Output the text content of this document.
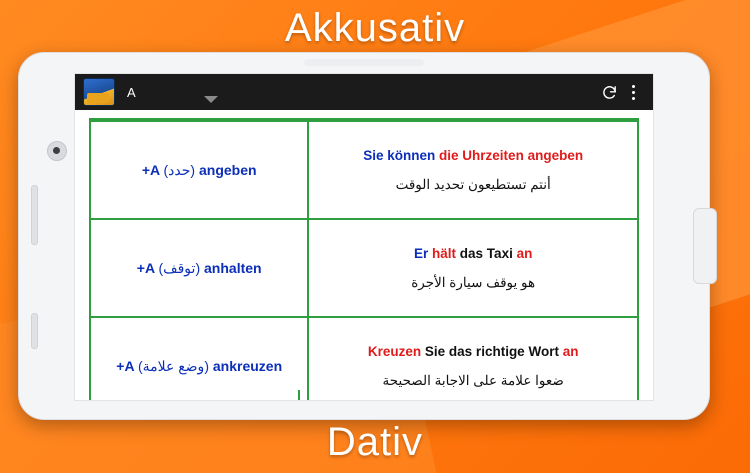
Akkusativ
A
+A (حدد) angeben
Sie können die Uhrzeiten angeben
أنتم تستطيعون تحديد الوقت
+A (توقف) anhalten
Er hält das Taxi an
هو يوقف سيارة الأجرة
+A (وضع علامة) ankreuzen
Kreuzen Sie das richtige Wort an
ضعوا علامة على الاجابة الصحيحة
Dativ
